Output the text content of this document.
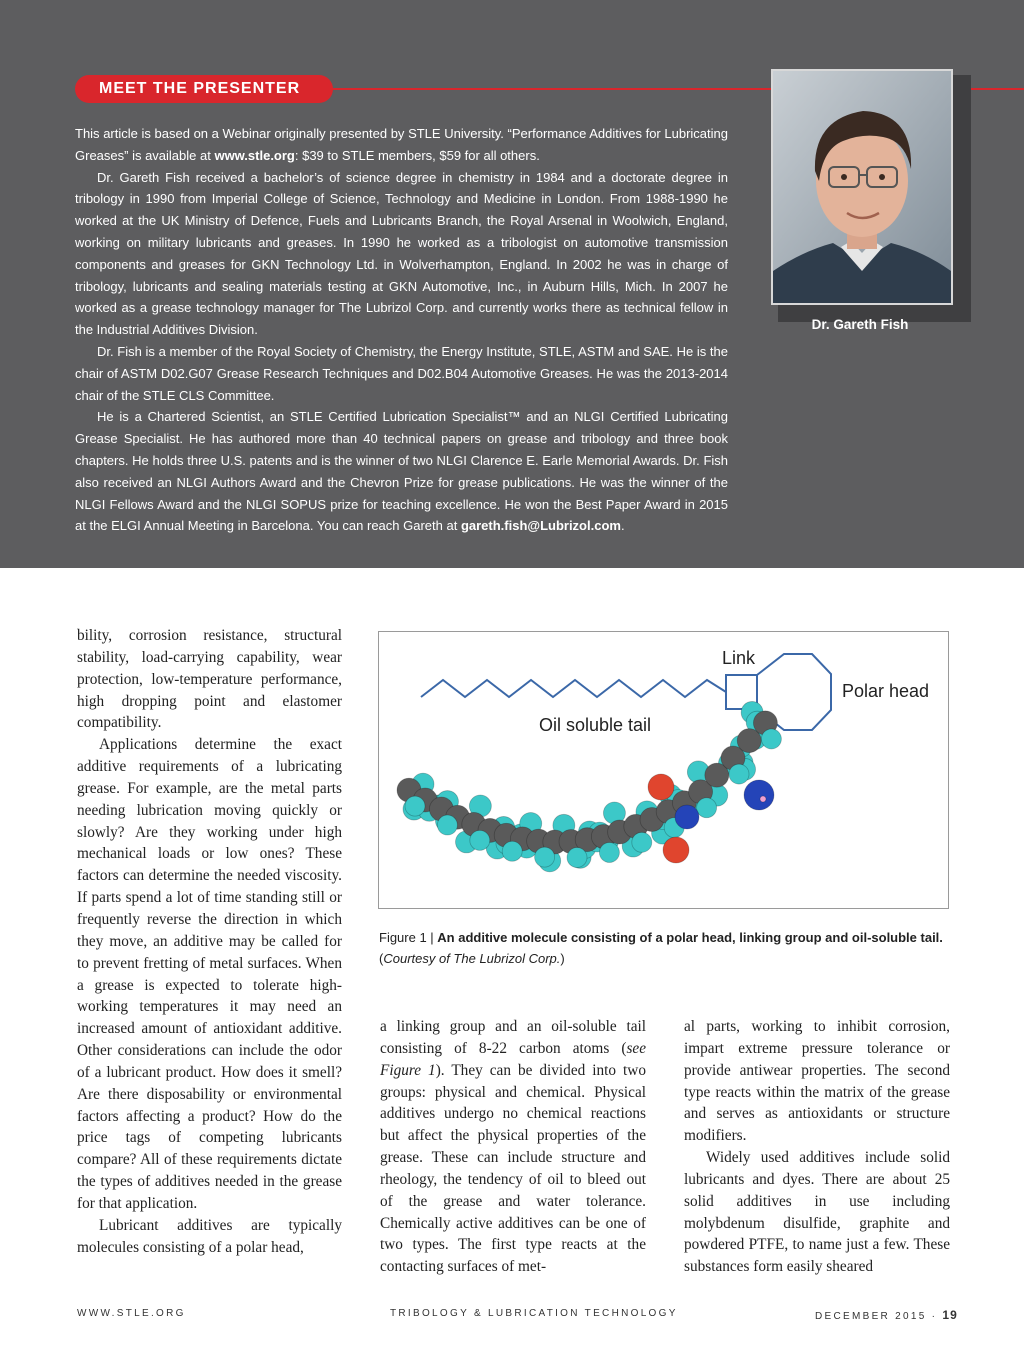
MEET THE PRESENTER

This article is based on a Webinar originally presented by STLE University. “Performance Additives for Lubricating Greases” is available at www.stle.org: $39 to STLE members, $59 for all others.

Dr. Gareth Fish received a bachelor’s of science degree in chemistry in 1984 and a doctorate degree in tribology in 1990 from Imperial College of Science, Technology and Medicine in London. From 1988-1990 he worked at the UK Ministry of Defence, Fuels and Lubricants Branch, the Royal Arsenal in Woolwich, England, working on military lubricants and greases. In 1990 he worked as a tribologist on automotive transmission components and greases for GKN Technology Ltd. in Wolverhampton, England. In 2002 he was in charge of tribology, lubricants and sealing materials testing at GKN Automotive, Inc., in Auburn Hills, Mich. In 2007 he worked as a grease technology manager for The Lubrizol Corp. and currently works there as technical fellow in the Industrial Additives Division.

Dr. Fish is a member of the Royal Society of Chemistry, the Energy Institute, STLE, ASTM and SAE. He is the chair of ASTM D02.G07 Grease Research Techniques and D02.B04 Automotive Greases. He was the 2013-2014 chair of the STLE CLS Committee.

He is a Chartered Scientist, an STLE Certified Lubrication Specialist™ and an NLGI Certified Lubricating Grease Specialist. He has authored more than 40 technical papers on grease and tribology and three book chapters. He holds three U.S. patents and is the winner of two NLGI Clarence E. Earle Memorial Awards. Dr. Fish also received an NLGI Authors Award and the Chevron Prize for grease publications. He was the winner of the NLGI Fellows Award and the NLGI SOPUS prize for teaching excellence. He won the Best Paper Award in 2015 at the ELGI Annual Meeting in Barcelona. You can reach Gareth at gareth.fish@Lubrizol.com.

Dr. Gareth Fish

bility, corrosion resistance, structural stability, load-carrying capability, wear protection, low-temperature performance, high dropping point and elastomer compatibility.

Applications determine the exact additive requirements of a lubricating grease. For example, are the metal parts needing lubrication moving quickly or slowly? Are they working under high mechanical loads or low ones? These factors can determine the needed viscosity. If parts spend a lot of time standing still or frequently reverse the direction in which they move, an additive may be called for to prevent fretting of metal surfaces. When a grease is expected to tolerate high-working temperatures it may need an increased amount of antioxidant additive. Other considerations can include the odor of a lubricant product. How does it smell? Are there disposability or environmental factors affecting a product? How do the price tags of competing lubricants compare? All of these requirements dictate the types of additives needed in the grease for that application.

Lubricant additives are typically molecules consisting of a polar head,

Link
Polar head
Oil soluble tail
Figure 1 | An additive molecule consisting of a polar head, linking group and oil-soluble tail.
(Courtesy of The Lubrizol Corp.)

a linking group and an oil-soluble tail consisting of 8-22 carbon atoms (see Figure 1). They can be divided into two groups: physical and chemical. Physical additives undergo no chemical reactions but affect the physical properties of the grease. These can include structure and rheology, the tendency of oil to bleed out of the grease and water tolerance. Chemically active additives can be one of two types. The first type reacts at the contacting surfaces of met-

al parts, working to inhibit corrosion, impart extreme pressure tolerance or provide antiwear properties. The second type reacts within the matrix of the grease and serves as antioxidants or structure modifiers.

Widely used additives include solid lubricants and dyes. There are about 25 solid additives in use including molybdenum disulfide, graphite and powdered PTFE, to name just a few. These substances form easily sheared

WWW.STLE.ORG	TRIBOLOGY & LUBRICATION TECHNOLOGY	DECEMBER 2015 · 19
